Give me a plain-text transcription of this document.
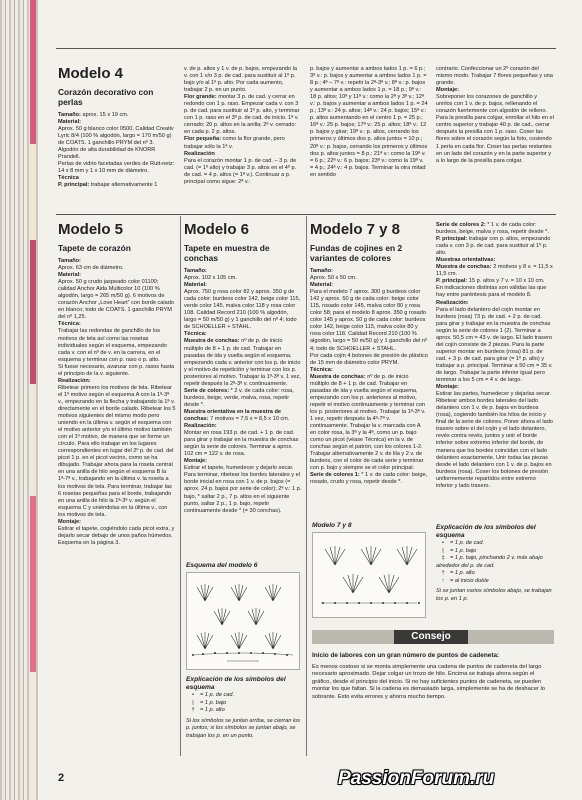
Modelo 4
Corazón decorativo con perlas

Tamaño: aprox. 15 x 19 cm.

Material:

Aprox. 50 g blanco color 0500. Calidad Creativ Lyric 8/4 (100 % algodón, largo = 170 m/50 g) de COATS. 1 ganchillo PRYM del nº 3.

Algodón de alta durabilidad de KNORR Prandell.

Perlas de vidrio facetadas verdes de Rutt-netz: 14 x 8 mm y 1 x 10 mm de diámetro.

Técnica

P. principal: trabajar alternativamente 1

v. de p. altos y 1 v. de p. bajos, empezando la v. con 1 v/o 3 p. de cad. para sustituir al 1º p. bajo y/o al 1º p. alto. Por cada aumento, trabajar 2 p. en un punto.

Flor grande: montar 3 p. de cad. y cerrar en redondo con 1 p. raso. Empezar cada v. con 3 p. de cad. para sustituir al 1º p. alto, y terminar con 1 p. raso en el 3º p. de cad. de inicio. 1ª v. cerrado: 20 p. altos en la anilla; 2ª v. cerrado: en cada p. 2 p. altos.

Flor pequeña: como la flor grande, pero trabajar sólo la 1ª v.

Realización

Para el corazón montar 1 p. de cad. – 3 p. de cad. (= 1º alto) y trabajar 3 p. altos en el 4º p. de cad. = 4 p. altos (= 1ª v.). Continuar a p. principal como sigue: 2ª v.:

p. bajos y aumentar a ambos lados 1 p. = 6 p.; 3ª v.: p. bajos y aumentar a ambos lados 1 p. = 8 p.; 4ª – 7ª v.: repetir la 2ª-3ª v.; 8ª v.: p. bajos y aumentar a ambos lados 1 p. = 18 p.; 9ª v.: 18 p. altos; 10ª y 11ª v.: como la 2ª y 3ª v.; 12ª v.: p. bajos y aumentar a ambos lados 1 p. = 24 p.; 13ª v.: 24 p. altos; 14ª v.: 24 p. bajos; 15ª v.: p. altos aumentando en el centro 1 p. = 25 p.; 16ª v.: 25 p. bajos; 17ª v.: 25 p. altos; 18ª v.: 12 p. bajos y girar; 19ª v.: p. altos, cerrando los primeros y últimos dos p. altos juntos = 10 p.; 20ª v.: p. bajos, cerrando los primeros y últimos dos p. altos juntos = 8 p.; 21ª v.: como la 19ª v. = 6 p.; 22ª v.: 6 p. bajos; 23ª v.: como la 19ª v. = 4 p.; 24ª v.: 4 p. bajos. Terminar la otra mitad en sentido

contrario. Confeccionar un 2º corazón del mismo modo. Trabajar 7 flores pequeñas y una grande.

Montaje:

Sobreponer los corazones de ganchillo y unirlos con 1 v. de p. bajos, rellenando el corazón fuertemente con algodón de relleno. Para la presilla para colgar, enrollar el hilo en el centro superior y trabajar 40 p. de cad., cerrar después la presilla con 1 p. raso. Coser las flores sobre el corazón según la foto, cosiendo 1 perla en cada flor. Coser las perlas restantes en un lado del corazón y en la parte superior y a lo largo de la presilla para colgar.

Modelo 5
Tapete de corazón

Tamaño:

Aprox. 63 cm de diámetro.

Material:

Aprox. 50 g crudo jaspeado color 01100; calidad Anchor Aida Multicolor 10 (100 % algodón, largo = 265 m/50 g). 6 motivos de corazón Anchor „Love Heart” con borde calado en blanco; todo de COATS. 1 ganchillo PRYM del nº 1,25.

Técnica:

Trabajar las redondas de ganchillo de los motivos de tela así como las rosetas individuales según el esquema, empezando cada v. con el nº de v. en la carrera, en el esquema y terminar con p. raso o p. alto.

Si fuese necesario, avanzar con p. rasos hasta el principio de la v. siguiente.

Realización:

Ribetear primero los motivos de tela. Ribetear el 1º motivo según el esquema A con la 1ª-3ª v., empezando en la flecha y trabajando la 1ª v. directamente en el borde calado. Ribetear los 5 motivos siguientes del mismo modo pero uniendo en la última v. según el esquema con el motivo anterior y/o el último motivo también con el 1º motivo, de manera que se forme un círculo. Para ello trabajar en los lugares correspondientes en lugar del 2º p. de cad. del picot 1 p. en el picot vecino, como se ha dibujado. Trabajar ahora para la roseta central en una anilla de hilo según el esquema B la 1ª-7ª v., trabajando en la última v. la roseta a los motivos de tela. Para terminar, trabajar las 6 rosetas pequeñas para el borde, trabajando en una anilla de hilo la 1ª-3ª v. según el esquema C y uniéndolas en la última v., con los motivos de tela.

Montaje:

Estirar el tapete, cogiéndolo cada picot extra, y dejarlo secar debajo de unos paños húmedos.

Esquema en la página 3.

Modelo 6
Tapete en muestra de conchas

Tamaño:

Aprox. 102 x 105 cm.

Material:

Aprox. 750 g rosa color 82 y aprox. 350 g de cada color: burdeos color 142, beige color 115, verde color 145, malva color 118 y rosa color 108. Calidad Record 210 (100 % algodón, largo = 50 m/50 g) y 1 ganchillo del nº 4; todo de SCHOELLER + STAHL.

Técnica:

Muestra de conchas: nº de p. de inicio múltiplo de 8 + 1 p. de cad. Trabajar en pasadas de ida y vuelta según el esquema, empezando cada v. anterior con los p. de inicio y el motivo de repetición y terminar con los p. posteriores al motivo. Trabajar la 1ª-3ª v. 1 vez, repetir después la 2ª-3ª v. continuamente.

Serie de colores: * 2 v. de cada color: rosa, burdeos, beige, verde, malva, rosa, repetir desde *.

Muestra orientativa en la muestra de conchas: 7 motivos = 7,5 x = 8,5 x 10 cm.

Realización:

Montar en rosa 193 p. de cad. + 1 p. de cad. para girar y trabajar en la muestra de conchas según la serie de colores. Terminar a aprox. 102 cm = 122 v. de rosa.

Montaje:

Estirar el tapete, humedecer y dejarlo secar. Para terminar, ribetear los bordes laterales y el borde inicial en rosa con 1 v. de p. bajos (= aprox. 24 p. bajos por serie de color); 2ª v.: 1 p. bajo, * saltar 2 p., 7 p. altos en el siguiente punto, saltar 2 p., 1 p. bajo, repetir continuamente desde * (= 30 conchas).

Esquema del modelo 6
Explicación de los símbolos del esquema
• = 1 p. de cad.
| = 1 p. bajo
† = 1 p. alto
Si los símbolos se juntan arriba, se cierran los p. juntos; si los símbolos se juntan abajo, se trabajan los p. en un punto.
Modelo 7 y 8
Fundas de cojines en 2 variantes de colores

Tamaño:

Aprox. 50 x 50 cm.

Material:

Para el modelo 7 aprox. 300 g burdeos color 142 y aprox. 50 g de cada color: beige color 115, rosado color 145, malva color 80 y rosa color 58; para el modelo 8 aprox. 350 g rosado color 145 y aprox. 50 g de cada color: burdeos color 142, beige color 115, malva color 80 y rosa color 118. Calidad Record 210 (100 % algodón, largo = 50 m/50 g) y 1 ganchillo del nº 4; todo de SCHOELLER + STAHL.

Por cada cojín 4 botones de presión de plástico de 15 mm de diámetro color PRYM.

Técnica:

Muestra de conchas: nº de p. de inicio múltiplo de 8 + 1 p. de cad. Trabajar en pasadas de ida y vuelta según el esquema, empezando con los p. anteriores al motivo, repetir el motivo continuamente y terminar con los p. posteriores al motivo. Trabajar la 1ª-3ª v. 1 vez, repetir después la 4ª-7ª v. continuamente. Trabajar la v. marcada con A en color rosa, la 3ª y la 4ª, como un p. bajo como un picot (véase Técnica) en la v. de conchas según el patrón, con los colores 1-2. Trabajar alternativamente 2 v. de lila y 2 v. de burdeos, con el color de cada serie y terminar con p. bajo y siempre se el color principal.

Serie de colores 1: * 1 v. de cada color: beige, rosado, crudo y rosa, repetir desde *.

Modelo 7 y 8

Serie de colores 2: * 1 v. de cada color: burdeos, beige, malva y rosa, repetir desde *.

P. principal: trabajar con p. altos, empezando cada v. con 3 p. de cad. para sustituir al 1º p. alto.

Muestras orientativas:

Muestra de conchas: 2 motivos y 8 v. = 11,5 x 11,5 cm.

P. principal: 15 p. altos y 7 v. = 10 x 10 cm.

En indicaciones distintas son válidas las que hay entre paréntesis para el modelo 8.

Realización:

Para el lado delantero del cojín montar en burdeos (rosa) 73 p. de cad. + 2 p. de cad. para girar y trabajar en la muestra de conchas según la serie de colores 1 (2). Terminar a aprox. 50,5 cm = 43 v. de largo. El lado trasero del cojín consiste de 2 piezas. Para la parte superior montar en burdeos (rosa) 81 p. de cad. + 3 p. de cad. para girar (= 1º p. alto) y trabajar a p. principal. Terminar a 50 cm = 35 v. de largo. Trabajar la parte inferior igual pero terminar a los 5 cm = 4 v. de largo.

Montaje:

Estirar las partes, humedecer y dejarlas secar. Ribetear ambos bordes laterales del lado delantero con 1 v. de p. bajos en burdeos (rosa), cogiendo también los hilos de inicio y final de la serie de colores. Poner ahora el lado trasero sobre el del cojín y el lado delantero, revés contra revés, juntos y unir el borde inferior sobre extremo inferior del borde, de manera que los bordes coincidan con el lado delantero exactamente. Unir todas las piezas desde el lado delantero con 1 v. de p. bajos en burdeos (rosa). Coser los botones de presión uniformemente repartidos entre extremo inferior y lado trasero.

Explicación de los símbolos del esquema
• = 1 p. de cad.
| = 1 p. bajo
‡ = 1 p. bajo, pinchando 2 v. más abajo alrededor del p. de cad.
† = 1 p. alto
↑ = al inicio doble
Si se juntan varios símbolos abajo, se trabajan los p. en 1 p.
Consejo
Inicio de labores con un gran número de puntos de cadeneta:
Es menos costoso si se monta simplemente una cadena de puntos de cadeneta del largo necesario aproximado. Dejar colgar un trozo de hilo. Encima se trabaja ahora según el gráfico, desde el principio del inicio. Si no hay suficientes puntos de cadeneta, se pueden montar los que faltan. Si la cadena es demasiado larga, simplemente se ha de deshacer lo sobrante. Esto evita errores y ahorra mucho tiempo.
2	PassionForum.ru
